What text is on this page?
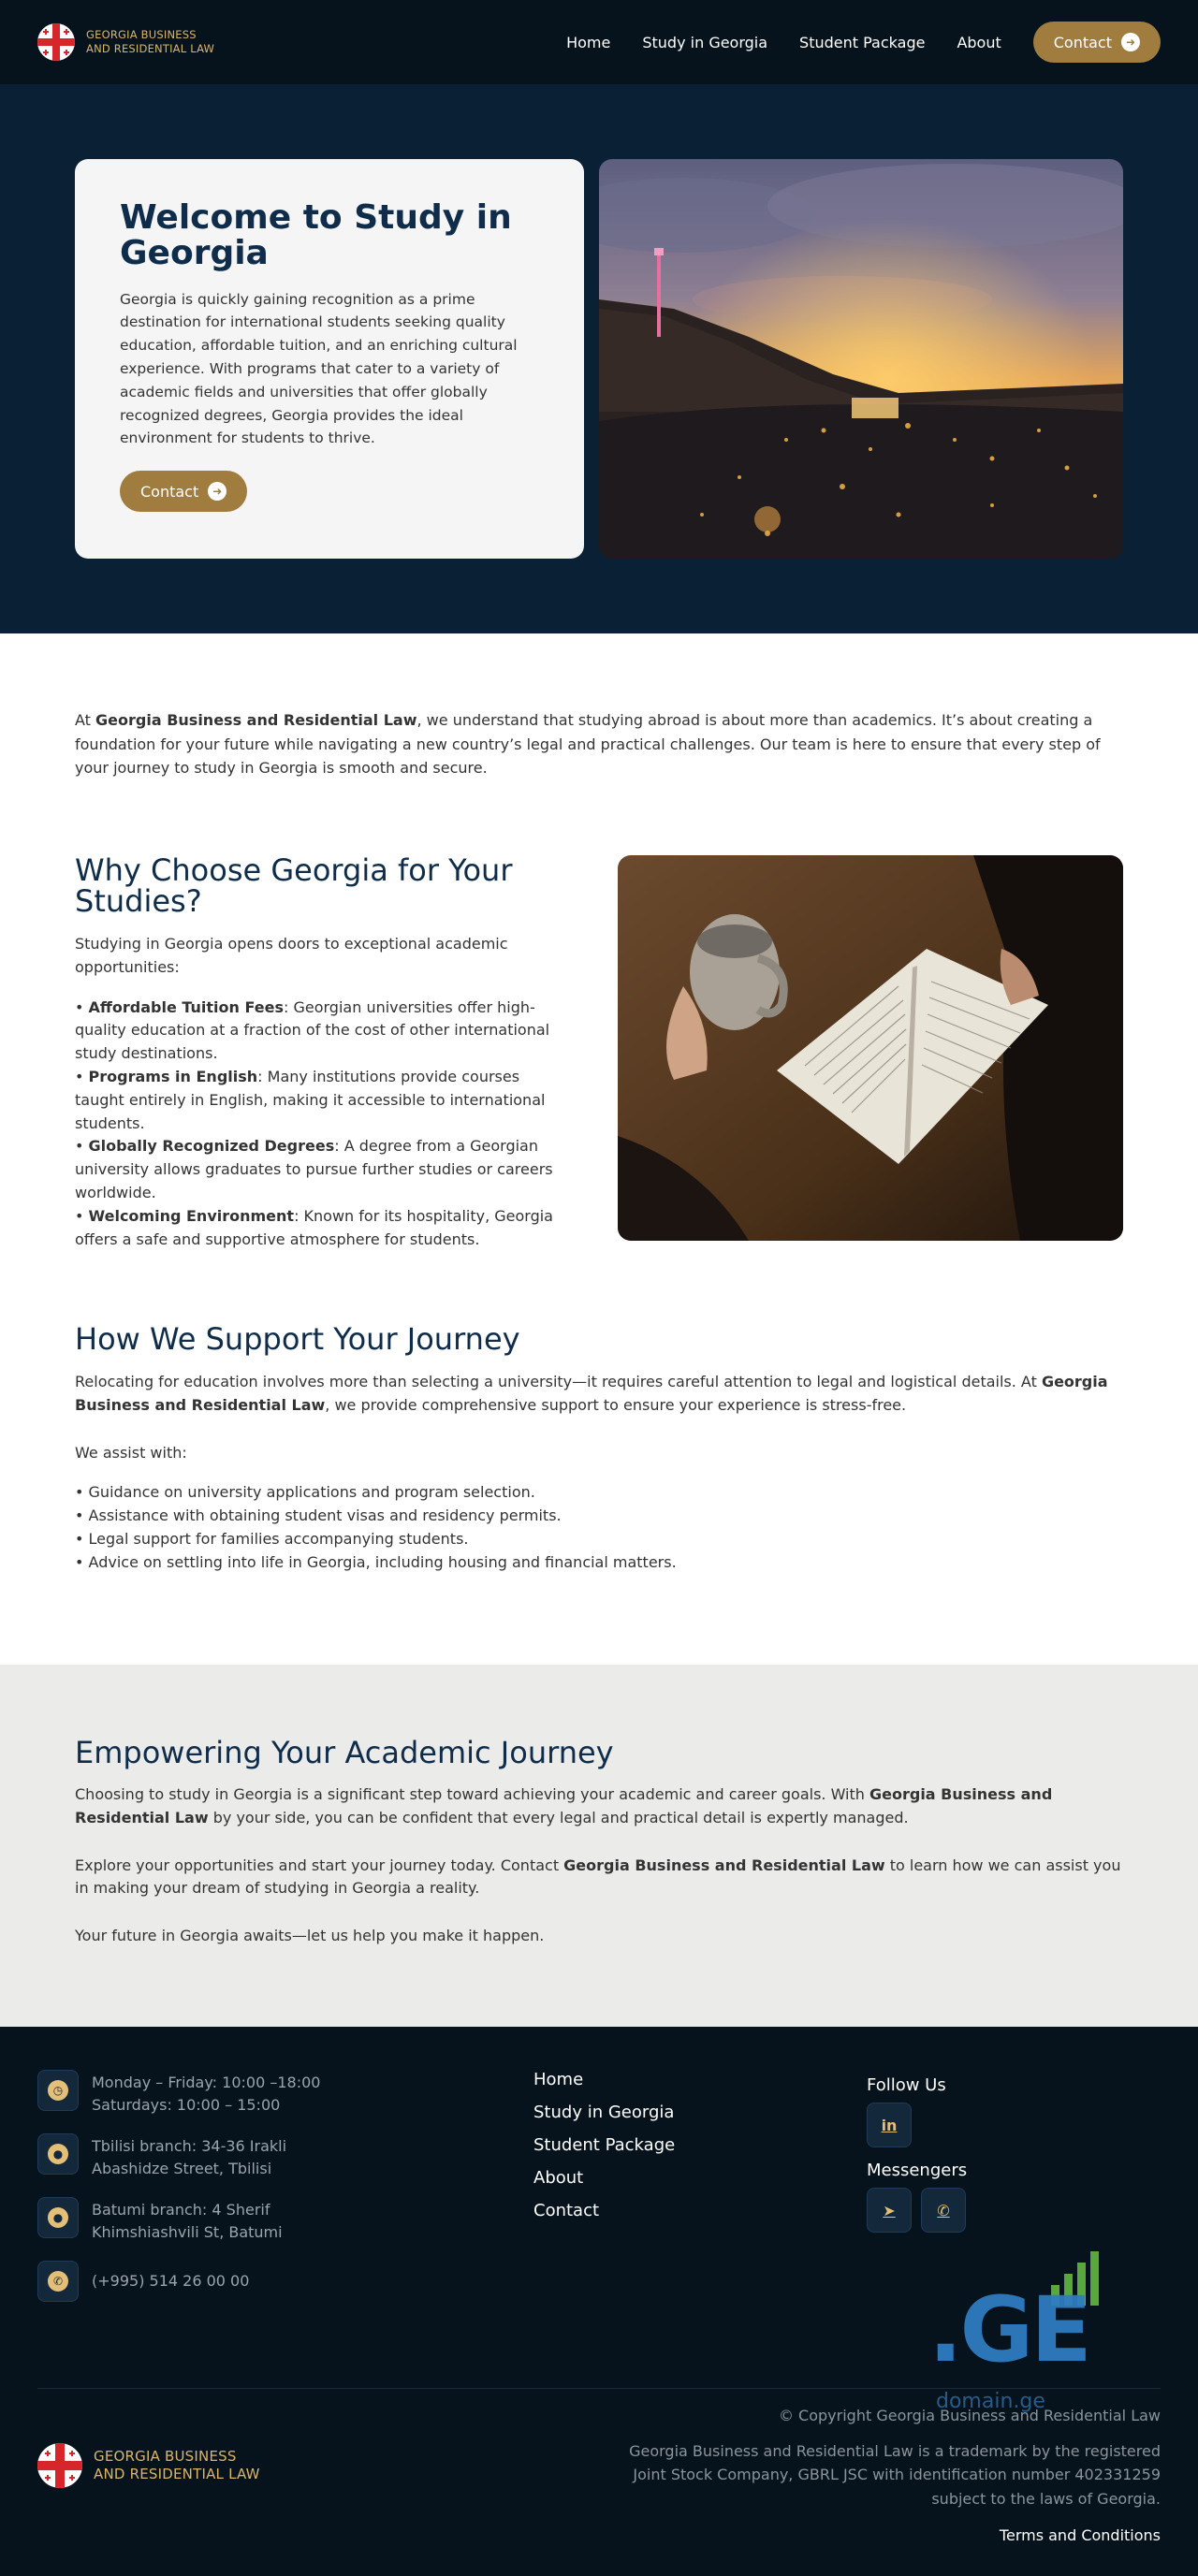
GEORGIA BUSINESS
AND RESIDENTIAL LAW	Home Study in Georgia Student Package About	Contact	➜
Welcome to Study in Georgia

Georgia is quickly gaining recognition as a prime destination for international students seeking quality education, affordable tuition, and an enriching cultural experience. With programs that cater to a variety of academic fields and universities that offer globally recognized degrees, Georgia provides the ideal environment for students to thrive.

Contact	➜

At Georgia Business and Residential Law, we understand that studying abroad is about more than academics. It’s about creating a foundation for your future while navigating a new country’s legal and practical challenges. Our team is here to ensure that every step of your journey to study in Georgia is smooth and secure.

Why Choose Georgia for Your Studies?

Studying in Georgia opens doors to exceptional academic opportunities:

• Affordable Tuition Fees: Georgian universities offer high-quality education at a fraction of the cost of other international study destinations.
• Programs in English: Many institutions provide courses taught entirely in English, making it accessible to international students.
• Globally Recognized Degrees: A degree from a Georgian university allows graduates to pursue further studies or careers worldwide.
• Welcoming Environment: Known for its hospitality, Georgia offers a safe and supportive atmosphere for students.
How We Support Your Journey

Relocating for education involves more than selecting a university—it requires careful attention to legal and logistical details. At Georgia Business and Residential Law, we provide comprehensive support to ensure your experience is stress-free.

We assist with:

• Guidance on university applications and program selection.
• Assistance with obtaining student visas and residency permits.
• Legal support for families accompanying students.
• Advice on settling into life in Georgia, including housing and financial matters.
Empowering Your Academic Journey

Choosing to study in Georgia is a significant step toward achieving your academic and career goals. With Georgia Business and Residential Law by your side, you can be confident that every legal and practical detail is expertly managed.

Explore your opportunities and start your journey today. Contact Georgia Business and Residential Law to learn how we can assist you in making your dream of studying in Georgia a reality.

Your future in Georgia awaits—let us help you make it happen.

◷	Monday – Friday: 10:00 –18:00
Saturdays: 10:00 – 15:00
●	Tbilisi branch: 34-36 Irakli
Abashidze Street, Tbilisi
●	Batumi branch: 4 Sherif
Khimshiashvili St, Batumi
✆	(+995) 514 26 00 00
Home
Study in Georgia
Student Package
About
Contact
Follow Us
in
Messengers
➤	✆
GEORGIA BUSINESS
AND RESIDENTIAL LAW
© Copyright Georgia Business and Residential Law
Georgia Business and Residential Law is a trademark by the registered
Joint Stock Company, GBRL JSC with identification number 402331259
subject to the laws of Georgia.
Terms and Conditions
.GE
domain.ge
